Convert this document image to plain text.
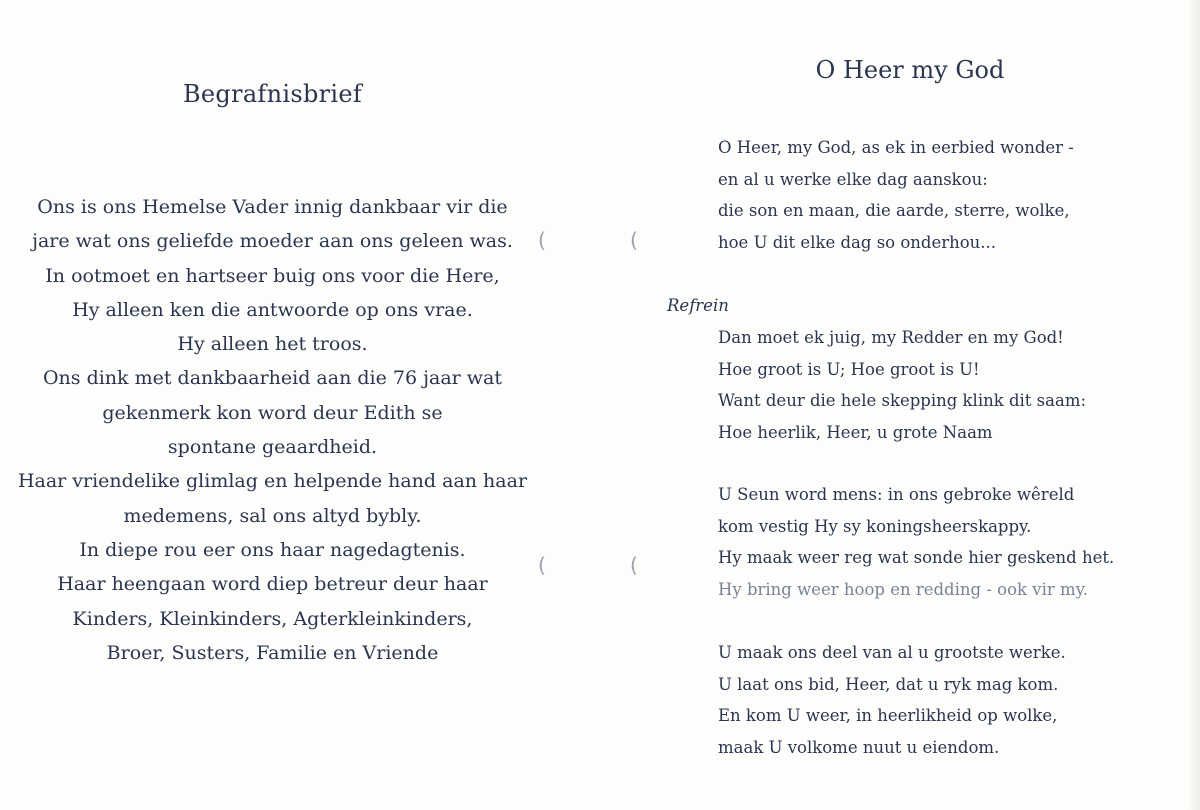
Begrafnisbrief
Ons is ons Hemelse Vader innig dankbaar vir die
jare wat ons geliefde moeder aan ons geleen was.
In ootmoet en hartseer buig ons voor die Here,
Hy alleen ken die antwoorde op ons vrae.
Hy alleen het troos.
Ons dink met dankbaarheid aan die 76 jaar wat
gekenmerk kon word deur Edith se
spontane geaardheid.
Haar vriendelike glimlag en helpende hand aan haar
medemens, sal ons altyd bybly.
In diepe rou eer ons haar nagedagtenis.
Haar heengaan word diep betreur deur haar
Kinders, Kleinkinders, Agterkleinkinders,
Broer, Susters, Familie en Vriende
(	(
(	(
O Heer my God
O Heer, my God, as ek in eerbied wonder -
en al u werke elke dag aanskou:
die son en maan, die aarde, sterre, wolke,
hoe U dit elke dag so onderhou...
Refrein
Dan moet ek juig, my Redder en my God!
Hoe groot is U; Hoe groot is U!
Want deur die hele skepping klink dit saam:
Hoe heerlik, Heer, u grote Naam
U Seun word mens: in ons gebroke wêreld
kom vestig Hy sy koningsheerskappy.
Hy maak weer reg wat sonde hier geskend het.
Hy bring weer hoop en redding - ook vir my.
U maak ons deel van al u grootste werke.
U laat ons bid, Heer, dat u ryk mag kom.
En kom U weer, in heerlikheid op wolke,
maak U volkome nuut u eiendom.
